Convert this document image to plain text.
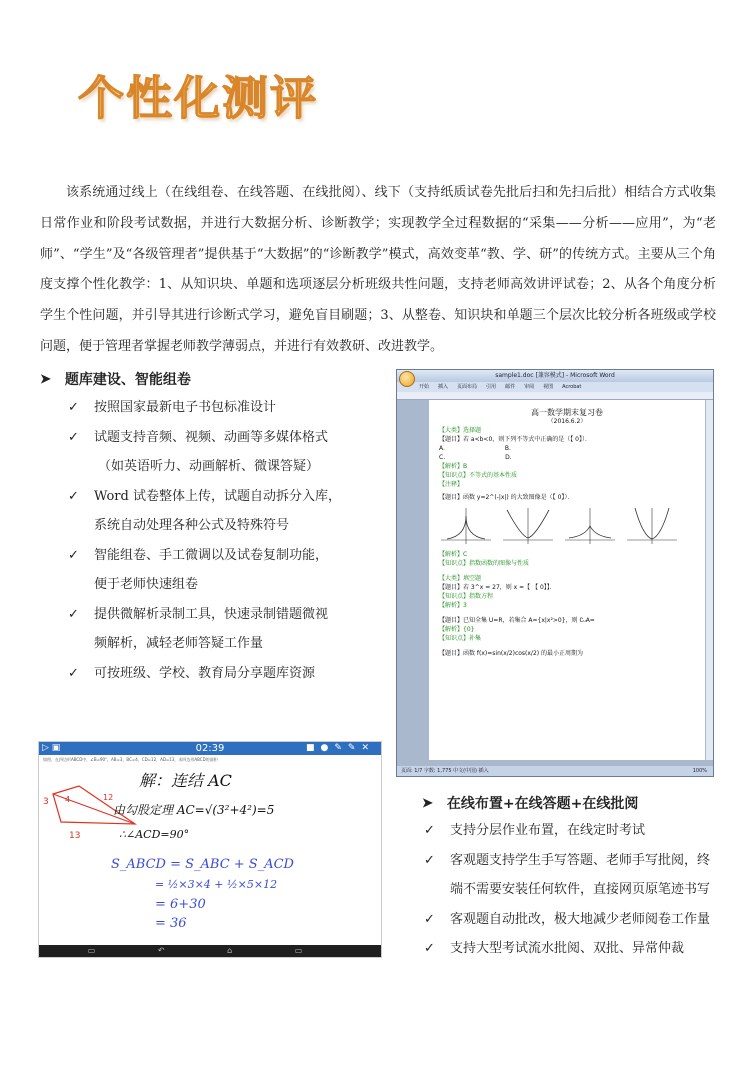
个性化测评
该系统通过线上（在线组卷、在线答题、在线批阅）、线下（支持纸质试卷先批后扫和先扫后批）相结合方式收集日常作业和阶段考试数据，并进行大数据分析、诊断教学；实现教学全过程数据的“采集——分析——应用”，为“老师”、“学生”及“各级管理者”提供基于“大数据”的“诊断教学”模式，高效变革“教、学、研”的传统方式。主要从三个角度支撑个性化教学：1、从知识块、单题和选项逐层分析班级共性问题，支持老师高效讲评试卷；2、从各个角度分析学生个性问题，并引导其进行诊断式学习，避免盲目刷题；3、从整卷、知识块和单题三个层次比较分析各班级或学校问题，便于管理者掌握老师教学薄弱点，并进行有效教研、改进教学。
➤ 题库建设、智能组卷
✓ 按照国家最新电子书包标准设计
✓ 试题支持音频、视频、动画等多媒体格式
（如英语听力、动画解析、微课答疑）
✓ Word 试卷整体上传，试题自动拆分入库，
系统自动处理各种公式及特殊符号
✓ 智能组卷、手工微调以及试卷复制功能，
便于老师快速组卷
✓ 提供微解析录制工具，快速录制错题微视
频解析，减轻老师答疑工作量
✓ 可按班级、学校、教育局分享题库资源
sample1.doc [兼容模式] - Microsoft Word
开始 插入 页面布局 引用 邮件 审阅 视图 Acrobat
高一数学期末复习卷
（2016.6.2）
【大类】选择题
【题目】若 a<b<0，则下列不等式中正确的是（【 0】）．
A.	B.
C.	D.
【解析】B
【知识点】不等式的基本性质
【注释】
【题目】函数 y=2^(-|x|) 的大致图像是（【 0】）．
【解析】C
【知识点】指数函数的图像与性质
【大类】填空题
【题目】若 3^x = 27，则 x =【 【 0】】．
【知识点】指数方程
【解析】3
【题目】已知全集 U=R，若集合 A={x|x²>0}，则 ∁ᵤA=
【解析】{0}
【知识点】补集
【题目】函数 f(x)=sin(x/2)cos(x/2) 的最小正周期为
页面: 1/7 字数: 1,775 中文(中国) 插入	100%
▷ ▣	02:39	■●✎✎✕
如图，在四边形ABCD中，∠B=90°，AB=3，BC=4，CD=12，AD=13，求四边形ABCD的面积
3 4
13
12
解：连结 AC
由勾股定理 AC=√(3²+4²)=5
∴∠ACD=90°
S_ABCD = S_ABC + S_ACD
= ½×3×4 + ½×5×12
= 6+30
= 36
▭ ↶ ⌂ ▭
➤ 在线布置+在线答题+在线批阅
✓ 支持分层作业布置，在线定时考试
✓ 客观题支持学生手写答题、老师手写批阅，终
端不需要安装任何软件，直接网页原笔迹书写
✓ 客观题自动批改，极大地减少老师阅卷工作量
✓ 支持大型考试流水批阅、双批、异常仲裁
